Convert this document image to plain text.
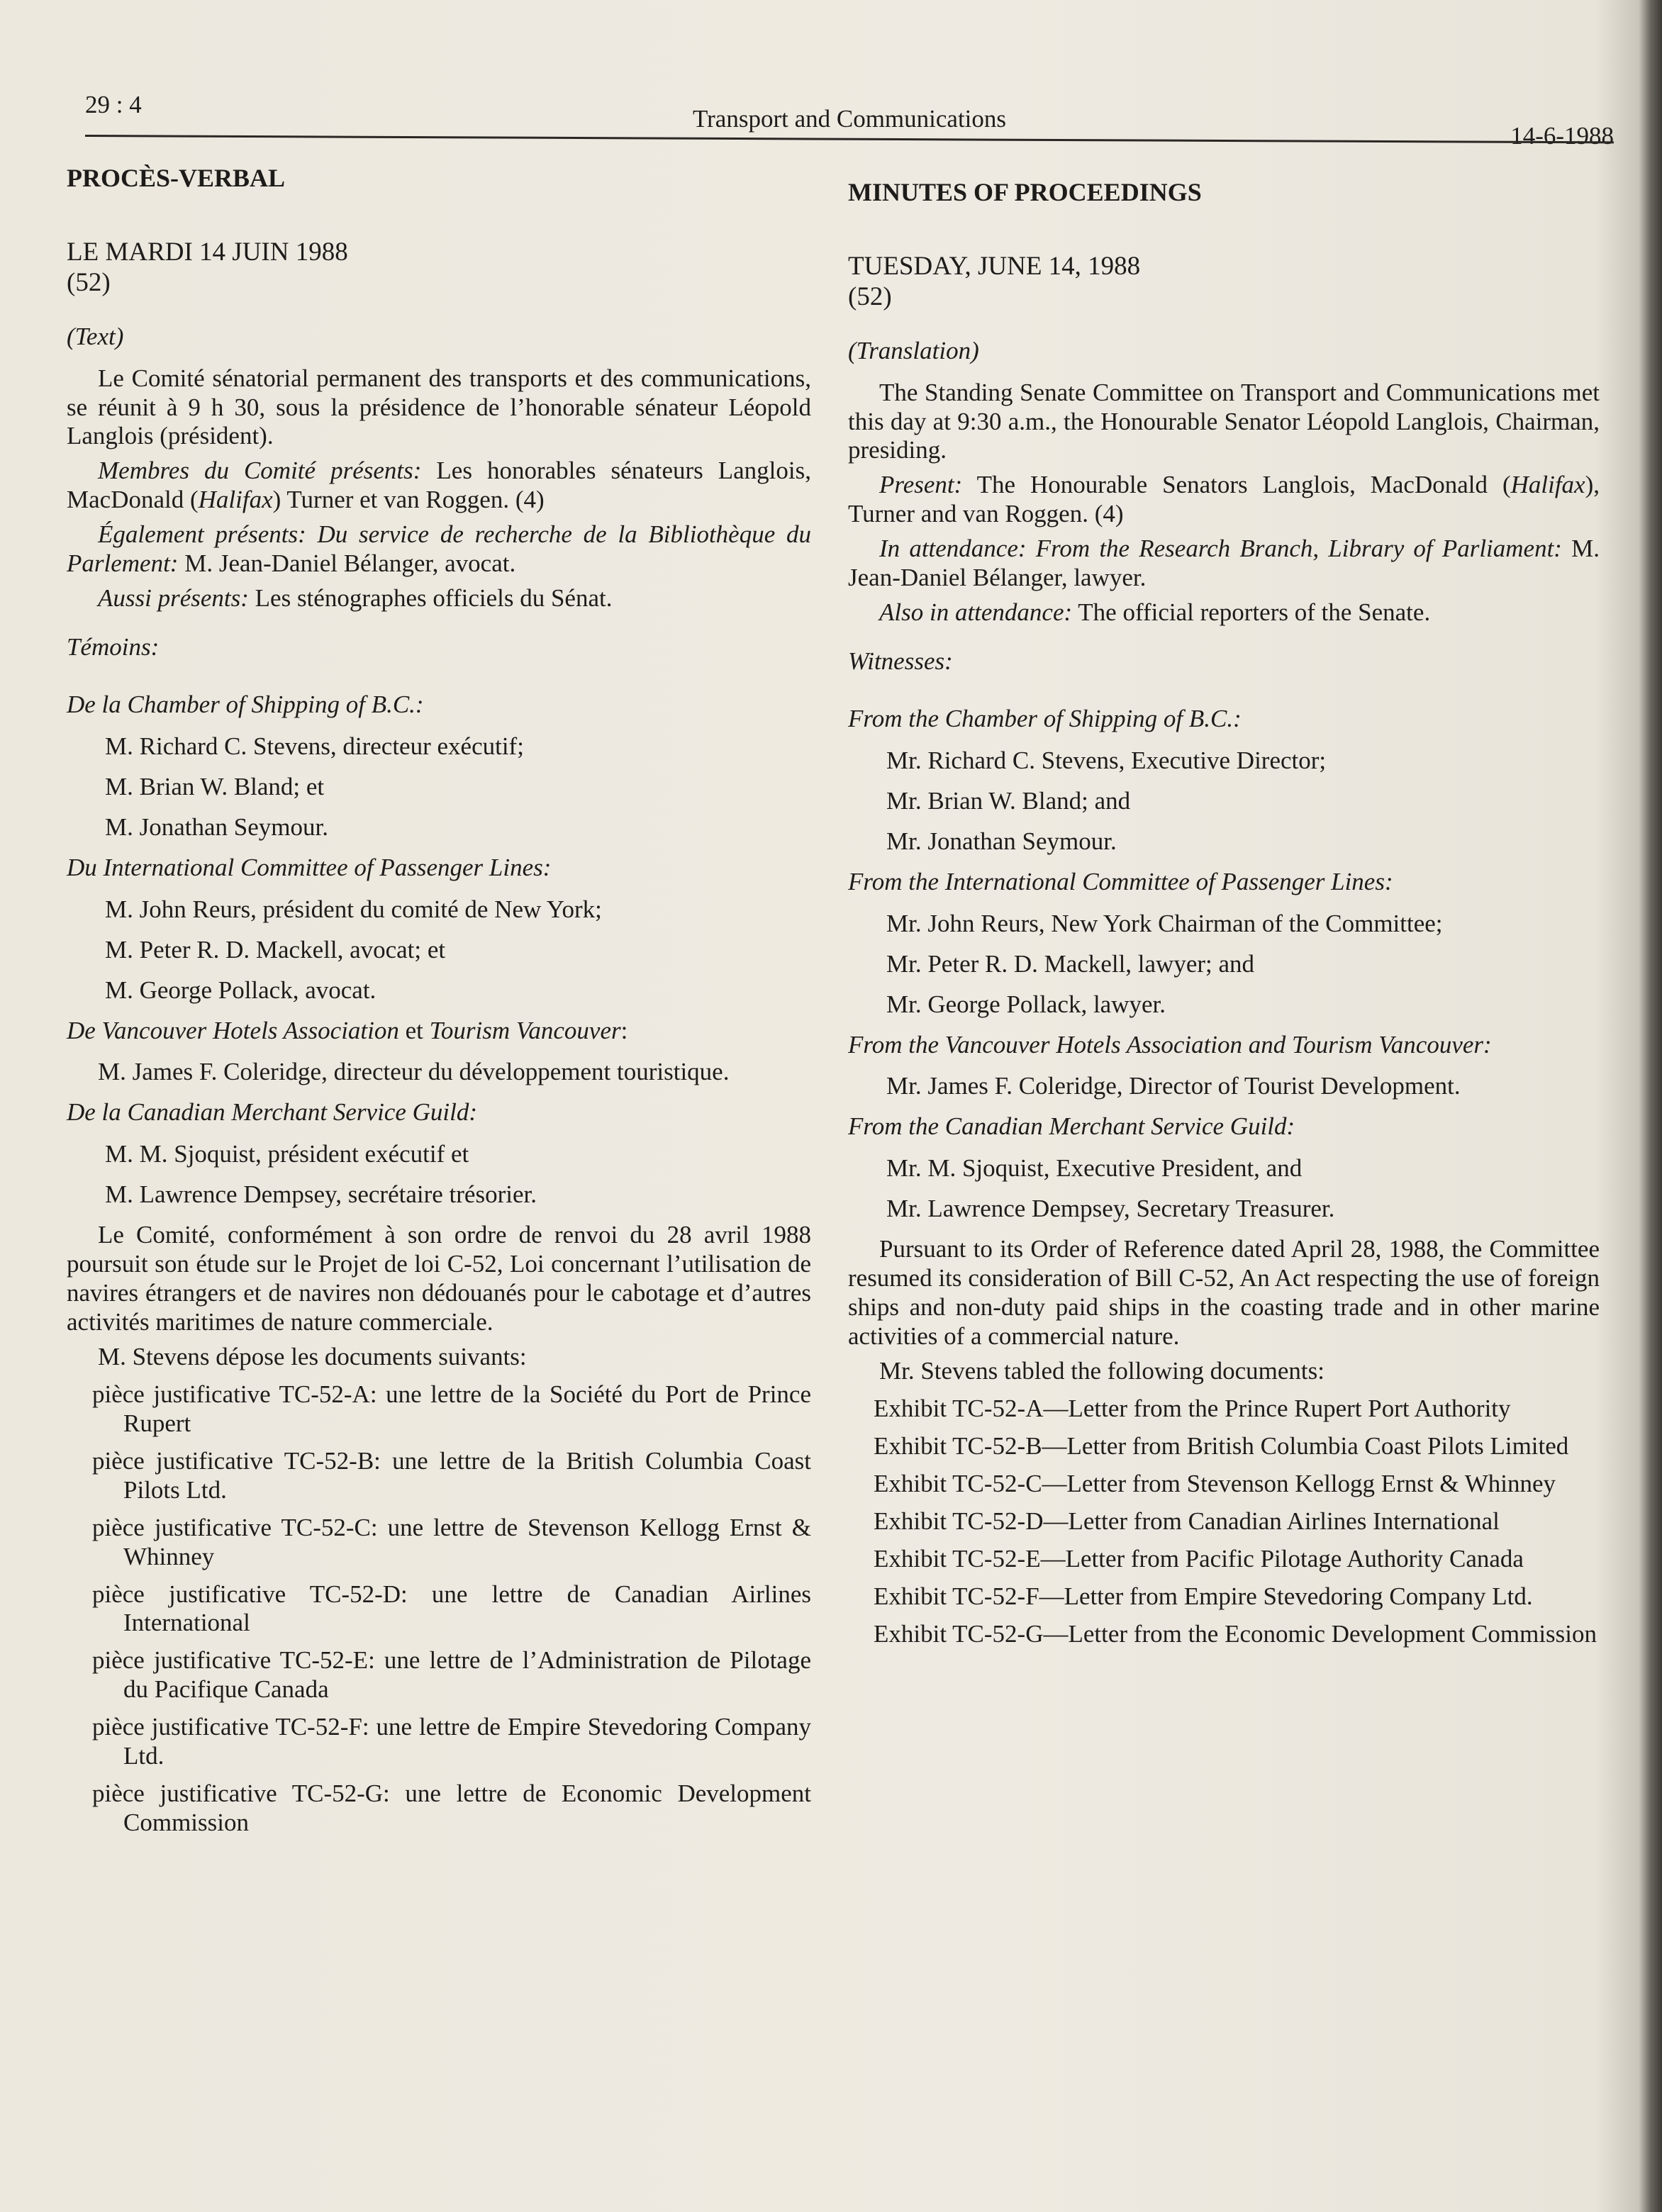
29 : 4
Transport and Communications
14-6-1988

PROCÈS-VERBAL

LE MARDI 14 JUIN 1988

(52)

(Text)

Le Comité sénatorial permanent des transports et des communications, se réunit à 9 h 30, sous la présidence de l’honorable sénateur Léopold Langlois (président).

Membres du Comité présents: Les honorables sénateurs Langlois, MacDonald (Halifax) Turner et van Roggen. (4)

Également présents: Du service de recherche de la Bibliothèque du Parlement: M. Jean-Daniel Bélanger, avocat.

Aussi présents: Les sténographes officiels du Sénat.

Témoins:

De la Chamber of Shipping of B.C.:

M. Richard C. Stevens, directeur exécutif;

M. Brian W. Bland; et

M. Jonathan Seymour.

Du International Committee of Passenger Lines:

M. John Reurs, président du comité de New York;

M. Peter R. D. Mackell, avocat; et

M. George Pollack, avocat.

De Vancouver Hotels Association et Tourism Vancouver:

M. James F. Coleridge, directeur du développement touristique.

De la Canadian Merchant Service Guild:

M. M. Sjoquist, président exécutif et

M. Lawrence Dempsey, secrétaire trésorier.

Le Comité, conformément à son ordre de renvoi du 28 avril 1988 poursuit son étude sur le Projet de loi C-52, Loi concernant l’utilisation de navires étrangers et de navires non dédouanés pour le cabotage et d’autres activités maritimes de nature commerciale.

M. Stevens dépose les documents suivants:

pièce justificative TC-52-A: une lettre de la Société du Port de Prince Rupert

pièce justificative TC-52-B: une lettre de la British Columbia Coast Pilots Ltd.

pièce justificative TC-52-C: une lettre de Stevenson Kellogg Ernst & Whinney

pièce justificative TC-52-D: une lettre de Canadian Airlines International

pièce justificative TC-52-E: une lettre de l’Administration de Pilotage du Pacifique Canada

pièce justificative TC-52-F: une lettre de Empire Stevedoring Company Ltd.

pièce justificative TC-52-G: une lettre de Economic Development Commission

MINUTES OF PROCEEDINGS

TUESDAY, JUNE 14, 1988

(52)

(Translation)

The Standing Senate Committee on Transport and Communications met this day at 9:30 a.m., the Honourable Senator Léopold Langlois, Chairman, presiding.

Present: The Honourable Senators Langlois, MacDonald (Halifax), Turner and van Roggen. (4)

In attendance: From the Research Branch, Library of Parliament: M. Jean-Daniel Bélanger, lawyer.

Also in attendance: The official reporters of the Senate.

Witnesses:

From the Chamber of Shipping of B.C.:

Mr. Richard C. Stevens, Executive Director;

Mr. Brian W. Bland; and

Mr. Jonathan Seymour.

From the International Committee of Passenger Lines:

Mr. John Reurs, New York Chairman of the Committee;

Mr. Peter R. D. Mackell, lawyer; and

Mr. George Pollack, lawyer.

From the Vancouver Hotels Association and Tourism Vancouver:

Mr. James F. Coleridge, Director of Tourist Development.

From the Canadian Merchant Service Guild:

Mr. M. Sjoquist, Executive President, and

Mr. Lawrence Dempsey, Secretary Treasurer.

Pursuant to its Order of Reference dated April 28, 1988, the Committee resumed its consideration of Bill C-52, An Act respecting the use of foreign ships and non-duty paid ships in the coasting trade and in other marine activities of a commercial nature.

Mr. Stevens tabled the following documents:

Exhibit TC-52-A—Letter from the Prince Rupert Port Authority

Exhibit TC-52-B—Letter from British Columbia Coast Pilots Limited

Exhibit TC-52-C—Letter from Stevenson Kellogg Ernst & Whinney

Exhibit TC-52-D—Letter from Canadian Airlines International

Exhibit TC-52-E—Letter from Pacific Pilotage Authority Canada

Exhibit TC-52-F—Letter from Empire Stevedoring Company Ltd.

Exhibit TC-52-G—Letter from the Economic Development Commission
